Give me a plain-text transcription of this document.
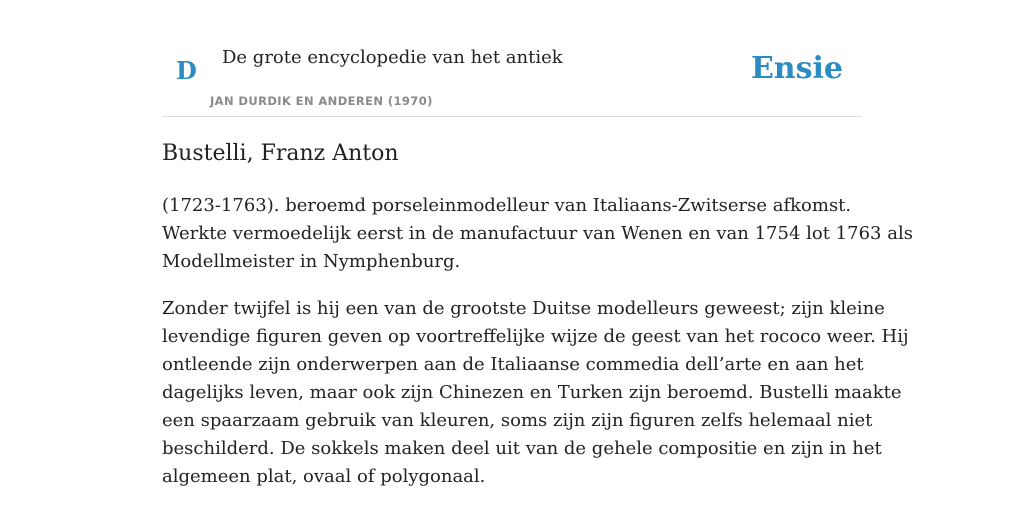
D De grote encyclopedie van het antiek
JAN DURDIK EN ANDEREN (1970)
Ensie
Bustelli, Franz Anton

(1723-1763). beroemd porseleinmodelleur van Italiaans-Zwitserse afkomst.
Werkte vermoedelijk eerst in de manufactuur van Wenen en van 1754 lot 1763 als
Modellmeister in Nymphenburg.

Zonder twijfel is hij een van de grootste Duitse modelleurs geweest; zijn kleine
levendige figuren geven op voortreffelijke wijze de geest van het rococo weer. Hij
ontleende zijn onderwerpen aan de Italiaanse commedia dell’arte en aan het
dagelijks leven, maar ook zijn Chinezen en Turken zijn beroemd. Bustelli maakte
een spaarzaam gebruik van kleuren, soms zijn zijn figuren zelfs helemaal niet
beschilderd. De sokkels maken deel uit van de gehele compositie en zijn in het
algemeen plat, ovaal of polygonaal.
